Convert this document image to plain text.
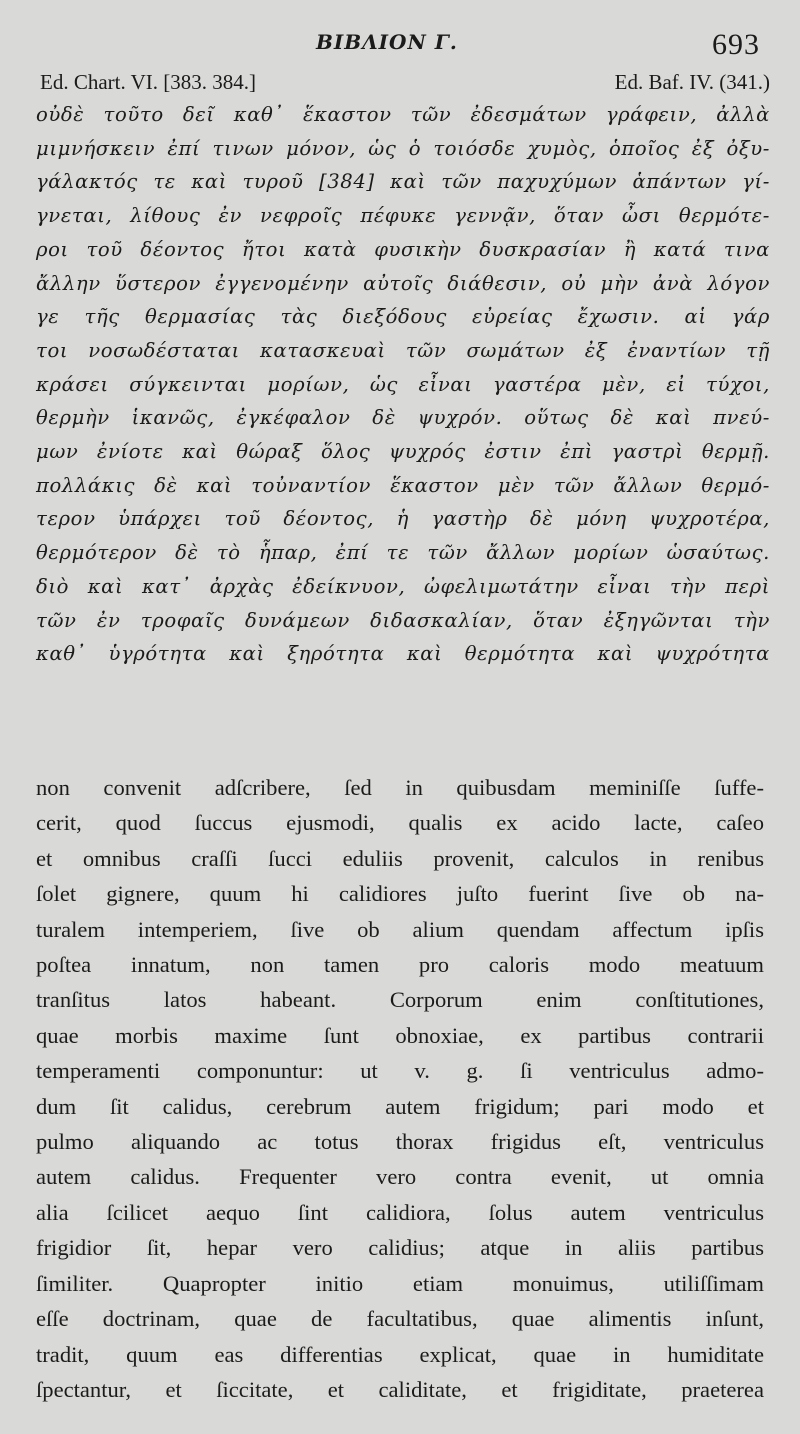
ΒΙΒΛΙΟΝ Γ.	693
Ed. Chart. VI. [383. 384.]	Ed. Baf. IV. (341.)
οὐδὲ τοῦτο δεῖ καθ᾽ ἕκαστον τῶν ἐδεσμάτων γράφειν, ἀλλὰ
μιμνήσκειν ἐπί τινων μόνον, ὡς ὁ τοιόσδε χυμὸς, ὁποῖος ἐξ ὀξυ-
γάλακτός τε καὶ τυροῦ [384] καὶ τῶν παχυχύμων ἁπάντων γί-
γνεται, λίθους ἐν νεφροῖς πέφυκε γεννᾷν, ὅταν ὦσι θερμότε-
ροι τοῦ δέοντος ἤτοι κατὰ φυσικὴν δυσκρασίαν ἢ κατά τινα
ἄλλην ὕστερον ἐγγενομένην αὐτοῖς διάθεσιν, οὐ μὴν ἀνὰ λόγον
γε τῆς θερμασίας τὰς διεξόδους εὐρείας ἔχωσιν. αἱ γάρ
τοι νοσωδέσταται κατασκευαὶ τῶν σωμάτων ἐξ ἐναντίων τῇ
κράσει σύγκεινται μορίων, ὡς εἶναι γαστέρα μὲν, εἰ τύχοι,
θερμὴν ἱκανῶς, ἐγκέφαλον δὲ ψυχρόν. οὕτως δὲ καὶ πνεύ-
μων ἐνίοτε καὶ θώραξ ὅλος ψυχρός ἐστιν ἐπὶ γαστρὶ θερμῇ.
πολλάκις δὲ καὶ τοὐναντίον ἕκαστον μὲν τῶν ἄλλων θερμό-
τερον ὑπάρχει τοῦ δέοντος, ἡ γαστὴρ δὲ μόνη ψυχροτέρα,
θερμότερον δὲ τὸ ἧπαρ, ἐπί τε τῶν ἄλλων μορίων ὡσαύτως.
διὸ καὶ κατ᾽ ἀρχὰς ἐδείκνυον, ὠφελιμωτάτην εἶναι τὴν περὶ
τῶν ἐν τροφαῖς δυνάμεων διδασκαλίαν, ὅταν ἐξηγῶνται τὴν
καθ᾽ ὑγρότητα καὶ ξηρότητα καὶ θερμότητα καὶ ψυχρότητα
non convenit adſcribere, ſed in quibusdam meminiſſe ſuffe-
cerit, quod ſuccus ejusmodi, qualis ex acido lacte, caſeo
et omnibus craſſi ſucci eduliis provenit, calculos in renibus
ſolet gignere, quum hi calidiores juſto fuerint ſive ob na-
turalem intemperiem, ſive ob alium quendam affectum ipſis
poſtea innatum, non tamen pro caloris modo meatuum
tranſitus latos habeant. Corporum enim conſtitutiones,
quae morbis maxime ſunt obnoxiae, ex partibus contrarii
temperamenti componuntur: ut v. g. ſi ventriculus admo-
dum ſit calidus, cerebrum autem frigidum; pari modo et
pulmo aliquando ac totus thorax frigidus eſt, ventriculus
autem calidus. Frequenter vero contra evenit, ut omnia
alia ſcilicet aequo ſint calidiora, ſolus autem ventriculus
frigidior ſit, hepar vero calidius; atque in aliis partibus
ſimiliter. Quapropter initio etiam monuimus, utiliſſimam
eſſe doctrinam, quae de facultatibus, quae alimentis inſunt,
tradit, quum eas differentias explicat, quae in humiditate
ſpectantur, et ſiccitate, et caliditate, et frigiditate, praeterea
